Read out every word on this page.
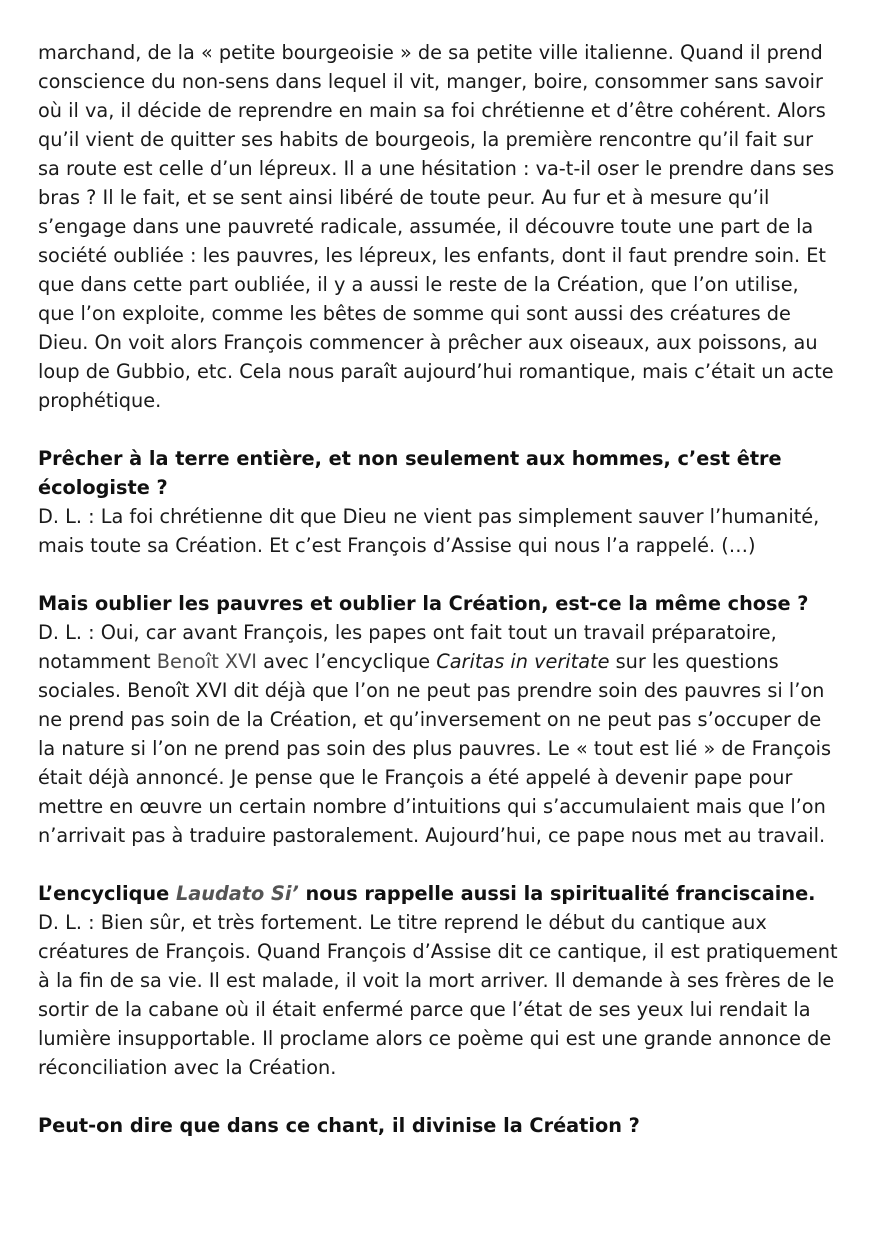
marchand, de la « petite bourgeoisie » de sa petite ville italienne. Quand il prend conscience du non-sens dans lequel il vit, manger, boire, consommer sans savoir où il va, il décide de reprendre en main sa foi chrétienne et d’être cohérent. Alors qu’il vient de quitter ses habits de bourgeois, la première rencontre qu’il fait sur sa route est celle d’un lépreux. Il a une hésitation : va-t-il oser le prendre dans ses bras ? Il le fait, et se sent ainsi libéré de toute peur. Au fur et à mesure qu’il s’engage dans une pauvreté radicale, assumée, il découvre toute une part de la société oubliée : les pauvres, les lépreux, les enfants, dont il faut prendre soin. Et que dans cette part oubliée, il y a aussi le reste de la Création, que l’on utilise, que l’on exploite, comme les bêtes de somme qui sont aussi des créatures de Dieu. On voit alors François commencer à prêcher aux oiseaux, aux poissons, au loup de Gubbio, etc. Cela nous paraît aujourd’hui romantique, mais c’était un acte prophétique.

Prêcher à la terre entière, et non seulement aux hommes, c’est être écologiste ?

D. L. : La foi chrétienne dit que Dieu ne vient pas simplement sauver l’humanité, mais toute sa Création. Et c’est François d’Assise qui nous l’a rappelé. (…)

Mais oublier les pauvres et oublier la Création, est-ce la même chose ?

D. L. : Oui, car avant François, les papes ont fait tout un travail préparatoire, notamment Benoît XVI avec l’encyclique Caritas in veritate sur les questions sociales. Benoît XVI dit déjà que l’on ne peut pas prendre soin des pauvres si l’on ne prend pas soin de la Création, et qu’inversement on ne peut pas s’occuper de la nature si l’on ne prend pas soin des plus pauvres. Le « tout est lié » de François était déjà annoncé. Je pense que le François a été appelé à devenir pape pour mettre en œuvre un certain nombre d’intuitions qui s’accumulaient mais que l’on n’arrivait pas à traduire pastoralement. Aujourd’hui, ce pape nous met au travail.

L’encyclique Laudato Si’ nous rappelle aussi la spiritualité franciscaine.

D. L. : Bien sûr, et très fortement. Le titre reprend le début du cantique aux créatures de François. Quand François d’Assise dit ce cantique, il est pratiquement à la fin de sa vie. Il est malade, il voit la mort arriver. Il demande à ses frères de le sortir de la cabane où il était enfermé parce que l’état de ses yeux lui rendait la lumière insupportable. Il proclame alors ce poème qui est une grande annonce de réconciliation avec la Création.

Peut-on dire que dans ce chant, il divinise la Création ?
